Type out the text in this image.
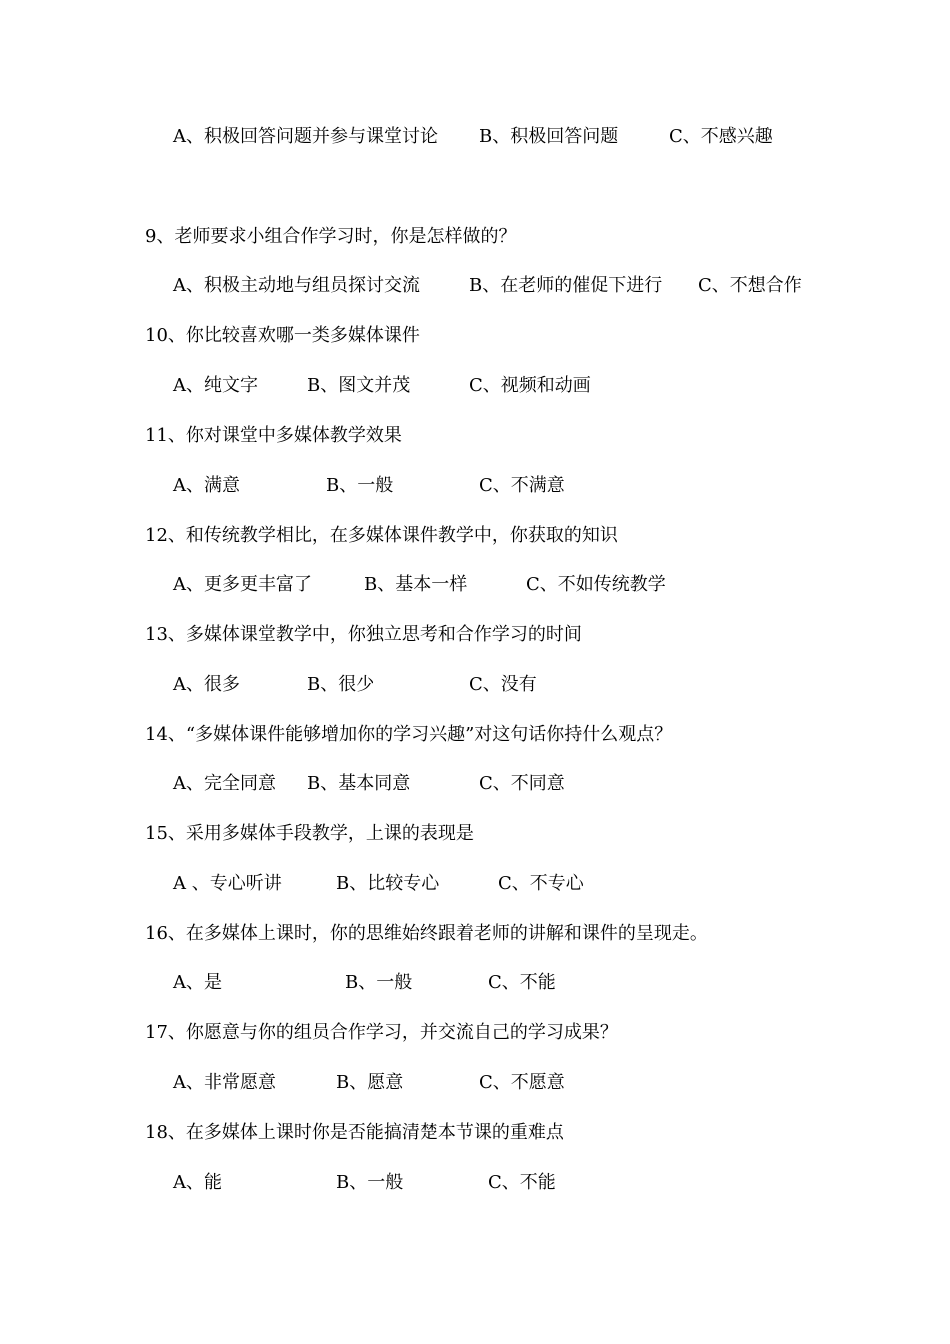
A、积极回答问题并参与课堂讨论 B、积极回答问题	C、不感兴趣
9、老师要求小组合作学习时，你是怎样做的？
A、积极主动地与组员探讨交流	B、在老师的催促下进行 C、不想合作
10、你比较喜欢哪一类多媒体课件
A、纯文字	B、图文并茂	C、视频和动画
11、你对课堂中多媒体教学效果
A、满意	B、一般	C、不满意
12、和传统教学相比，在多媒体课件教学中，你获取的知识
A、更多更丰富了	B、基本一样	C、不如传统教学
13、多媒体课堂教学中，你独立思考和合作学习的时间
A、很多	B、很少	C、没有
14、“多媒体课件能够增加你的学习兴趣”对这句话你持什么观点？
A、完全同意 B、基本同意	C、不同意
15、采用多媒体手段教学，上课的表现是
A 、专心听讲	B、比较专心	C、不专心
16、在多媒体上课时，你的思维始终跟着老师的讲解和课件的呈现走。
A、是	B、一般	C、不能
17、你愿意与你的组员合作学习，并交流自己的学习成果？
A、非常愿意	B、愿意	C、不愿意
18、在多媒体上课时你是否能搞清楚本节课的重难点
A、能	B、一般	C、不能
